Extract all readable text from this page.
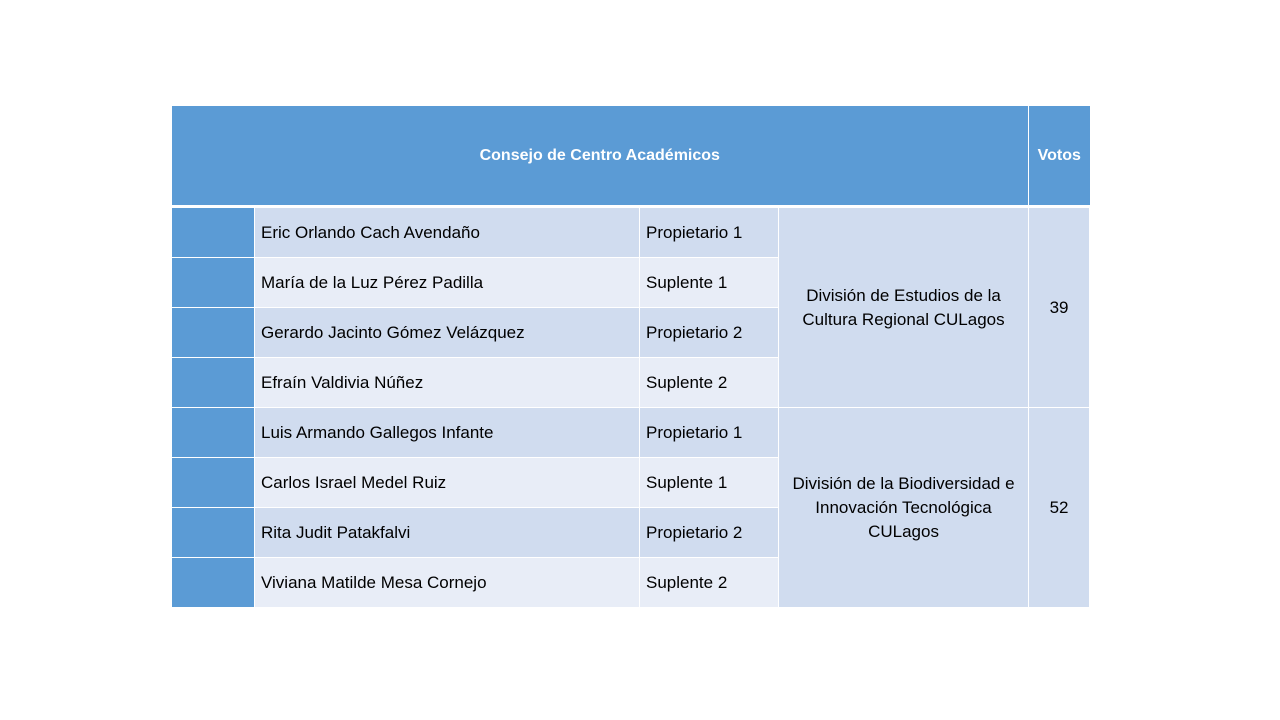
Consejo de Centro Académicos				Votos
	Eric Orlando Cach Avendaño	Propietario 1	División de Estudios de la Cultura Regional CULagos	39
	María de la Luz Pérez Padilla	Suplente 1		
	Gerardo Jacinto Gómez Velázquez	Propietario 2		
	Efraín Valdivia Núñez	Suplente 2		
	Luis Armando Gallegos Infante	Propietario 1	División de la Biodiversidad e Innovación Tecnológica CULagos	52
	Carlos Israel Medel Ruiz	Suplente 1		
	Rita Judit Patakfalvi	Propietario 2		
	Viviana Matilde Mesa Cornejo	Suplente 2		
